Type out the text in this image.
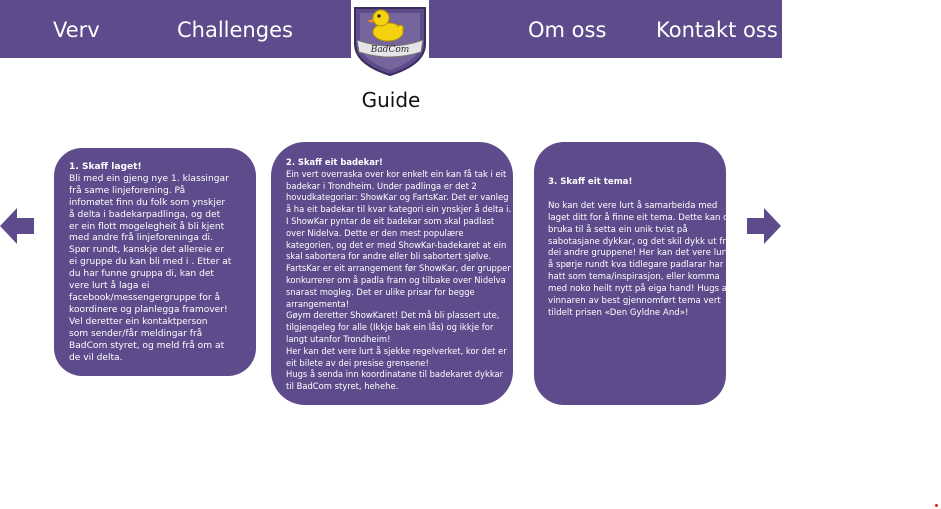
Verv	Challenges	Om oss Kontakt oss
BadCom
Guide
1. Skaff laget!
Bli med ein gjeng nye 1. klassingar
frå same linjeforening. På
infomøtet finn du folk som ynskjer
å delta i badekarpadlinga, og det
er ein flott mogelegheit å bli kjent
med andre frå linjeforeninga di.
Spør rundt, kanskje det allereie er
ei gruppe du kan bli med i . Etter at
du har funne gruppa di, kan det
vere lurt å laga ei
facebook/messengergruppe for å
koordinere og planlegga framover!
Vel deretter ein kontaktperson
som sender/får meldingar frå
BadCom styret, og meld frå om at
de vil delta.
2. Skaff eit badekar!
Ein vert overraska over kor enkelt ein kan få tak i eit
badekar i Trondheim. Under padlinga er det 2
hovudkategoriar: ShowKar og FartsKar. Det er vanleg
å ha eit badekar til kvar kategori ein ynskjer å delta i.
I ShowKar pyntar de eit badekar som skal padlast
over Nidelva. Dette er den mest populære
kategorien, og det er med ShowKar-badekaret at ein
skal sabortera for andre eller bli sabortert sjølve.
FartsKar er eit arrangement før ShowKar, der grupper
konkurrerer om å padla fram og tilbake over Nidelva
snarast mogleg. Det er ulike prisar for begge
arrangementa!
Gøym deretter ShowKaret! Det må bli plassert ute,
tilgjengeleg for alle (Ikkje bak ein lås) og ikkje for
langt utanfor Trondheim!
Her kan det vere lurt å sjekke regelverket, kor det er
eit bilete av dei presise grensene!
Hugs å senda inn koordinatane til badekaret dykkar
til BadCom styret, hehehe.
3. Skaff eit tema!
No kan det vere lurt å samarbeida med
laget ditt for å finne eit tema. Dette kan de
bruka til å setta ein unik tvist på
sabotasjane dykkar, og det skil dykk ut frå
dei andre gruppene! Her kan det vere lurt
å spørje rundt kva tidlegare padlarar har
hatt som tema/inspirasjon, eller komma
med noko heilt nytt på eiga hand! Hugs at
vinnaren av best gjennomført tema vert
tildelt prisen «Den Gyldne And»!
